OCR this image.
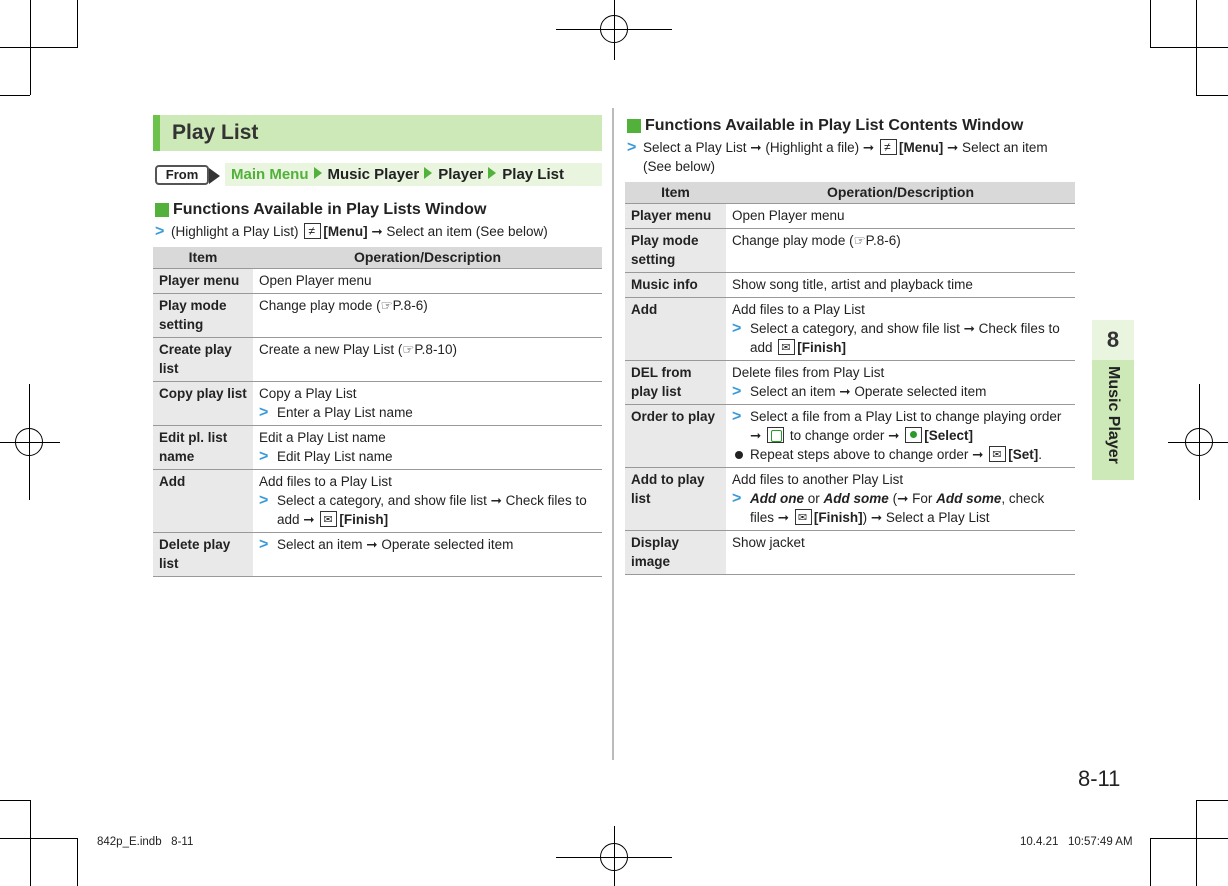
Play List
From	Main Menu Music Player Player Play List
Functions Available in Play Lists Window
> (Highlight a Play List) ≠ [Menu] ➞ Select an item (See below)
Item	Operation/Description
Player menu	Open Player menu
Play mode setting	Change play mode (☞P.8-6)
Create play list	Create a new Play List (☞P.8-10)
Copy play list	Copy a Play List
> Enter a Play List name

Edit pl. list name	Edit a Play List name
> Edit Play List name

Add	Add files to a Play List
> Select a category, and show file list ➞ Check files to add ➞ ✉ [Finish]

Delete play list	> Select an item ➞ Operate selected item
Functions Available in Play List Contents Window
> Select a Play List ➞ (Highlight a file) ➞ ≠ [Menu] ➞ Select an item (See below)
Item	Operation/Description
Player menu	Open Player menu
Play mode setting	Change play mode (☞P.8-6)
Music info	Show song title, artist and playback time
Add	Add files to a Play List
> Select a category, and show file list ➞ Check files to add ✉ [Finish]

DEL from play list	Delete files from Play List
> Select an item ➞ Operate selected item

Order to play	> Select a file from a Play List to change playing order ➞ to change order ➞ [Select]
Repeat steps above to change order ➞ ✉ [Set].

Add to play list	Add files to another Play List
> Add one or Add some (➞ For Add some, check files ➞ ✉ [Finish]) ➞ Select a Play List

Display image	Show jacket
8
Music Player
8-11
842p_E.indb   8-11	10.4.21   10:57:49 AM
